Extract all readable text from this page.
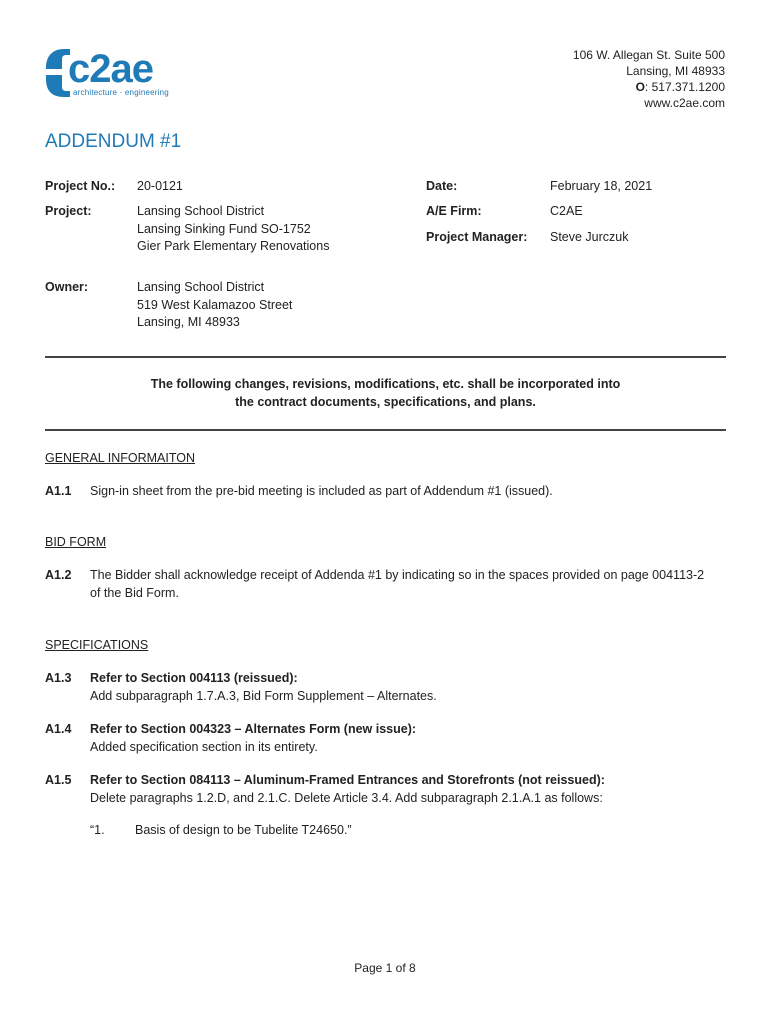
c2ae
architecture · engineering
106 W. Allegan St. Suite 500
Lansing, MI 48933
O: 517.371.1200
www.c2ae.com
ADDENDUM #1
Project No.: 20-0121
Project:	Lansing School District
Lansing Sinking Fund SO-1752
Gier Park Elementary Renovations
Owner:	Lansing School District
519 West Kalamazoo Street
Lansing, MI 48933
Date:	February 18, 2021
A/E Firm:	C2AE
Project Manager: Steve Jurczuk
The following changes, revisions, modifications, etc. shall be incorporated into
the contract documents, specifications, and plans.
GENERAL INFORMAITON
A1.1 Sign-in sheet from the pre-bid meeting is included as part of Addendum #1 (issued).
BID FORM
A1.2 The Bidder shall acknowledge receipt of Addenda #1 by indicating so in the spaces provided on page 004113-2
of the Bid Form.
SPECIFICATIONS
A1.3 Refer to Section 004113 (reissued):
Add subparagraph 1.7.A.3, Bid Form Supplement – Alternates.
A1.4 Refer to Section 004323 – Alternates Form (new issue):
Added specification section in its entirety.
A1.5 Refer to Section 084113 – Aluminum-Framed Entrances and Storefronts (not reissued):
Delete paragraphs 1.2.D, and 2.1.C. Delete Article 3.4. Add subparagraph 2.1.A.1 as follows:
“1. Basis of design to be Tubelite T24650.”
Page 1 of 8
